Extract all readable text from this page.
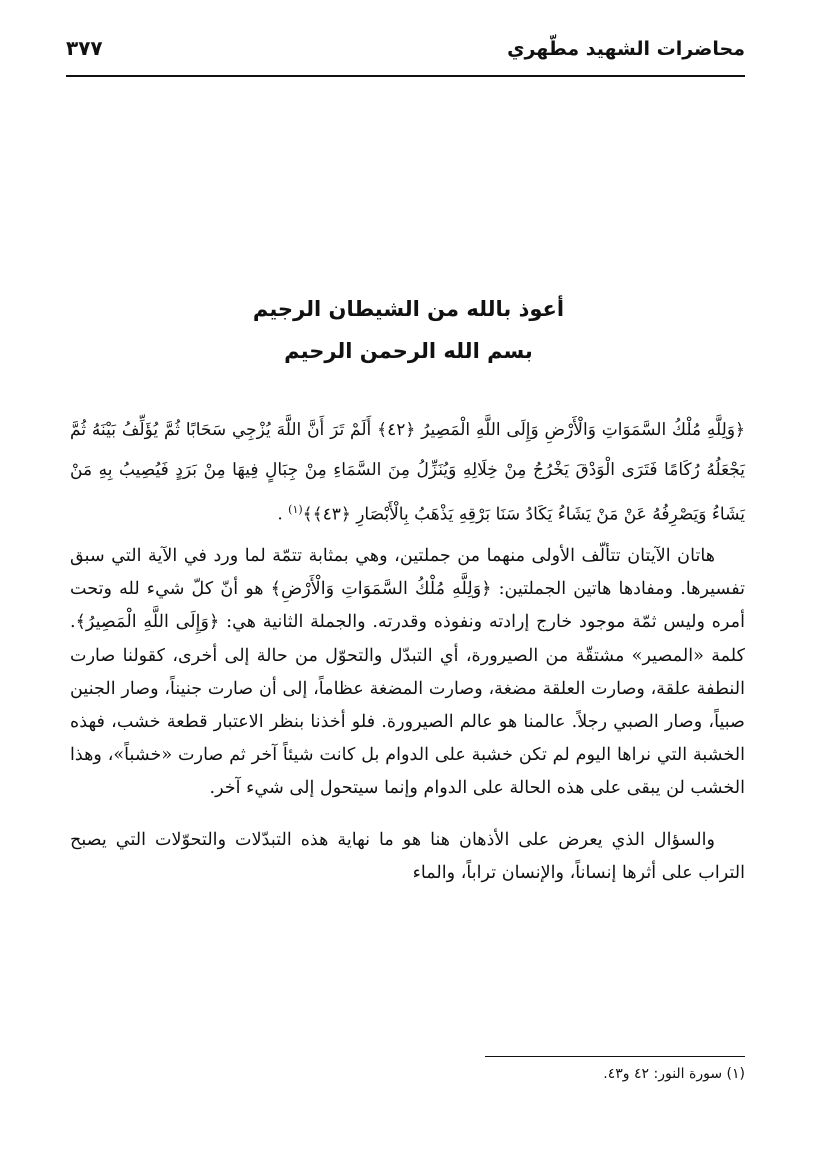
محاضرات الشهيد مطّهري
٣٧٧
أعوذ بالله من الشيطان الرجيم
بسم الله الرحمن الرحيم
﴿وَلِلَّهِ مُلْكُ السَّمَوَاتِ وَالْأَرْضِ وَإِلَى اللَّهِ الْمَصِيرُ ﴿٤٢﴾ أَلَمْ تَرَ أَنَّ اللَّهَ يُزْجِي سَحَابًا ثُمَّ يُؤَلِّفُ بَيْنَهُ ثُمَّ يَجْعَلُهُ رُكَامًا فَتَرَى الْوَدْقَ يَخْرُجُ مِنْ خِلَالِهِ وَيُنَزِّلُ مِنَ السَّمَاءِ مِنْ جِبَالٍ فِيهَا مِنْ بَرَدٍ فَيُصِيبُ بِهِ مَنْ يَشَاءُ وَيَصْرِفُهُ عَنْ مَنْ يَشَاءُ يَكَادُ سَنَا بَرْقِهِ يَذْهَبُ بِالْأَبْصَارِ ﴿٤٣﴾﴾$^{(١)}$ .

هاتان الآيتان تتألّف الأولى منهما من جملتين، وهي بمثابة تتمّة لما ورد في الآية التي سبق تفسيرها. ومفادها هاتين الجملتين: ﴿وَلِلَّهِ مُلْكُ السَّمَوَاتِ وَالْأَرْضِ﴾ هو أنّ كلّ شيء لله وتحت أمره وليس ثمّة موجود خارج إرادته ونفوذه وقدرته. والجملة الثانية هي: ﴿وَإِلَى اللَّهِ الْمَصِيرُ﴾. كلمة «المصير» مشتقّة من الصيرورة، أي التبدّل والتحوّل من حالة إلى أخرى، كقولنا صارت النطفة علقة، وصارت العلقة مضغة، وصارت المضغة عظاماً، إلى أن صارت جنيناً، وصار الجنين صبياً، وصار الصبي رجلاً. عالمنا هو عالم الصيرورة. فلو أخذنا بنظر الاعتبار قطعة خشب، فهذه الخشبة التي نراها اليوم لم تكن خشبة على الدوام بل كانت شيئاً آخر ثم صارت «خشباً»، وهذا الخشب لن يبقى على هذه الحالة على الدوام وإنما سيتحول إلى شيء آخر.

والسؤال الذي يعرض على الأذهان هنا هو ما نهاية هذه التبدّلات والتحوّلات التي يصبح التراب على أثرها إنساناً، والإنسان تراباً، والماء

(١) سورة النور: ٤٢ و٤٣.
